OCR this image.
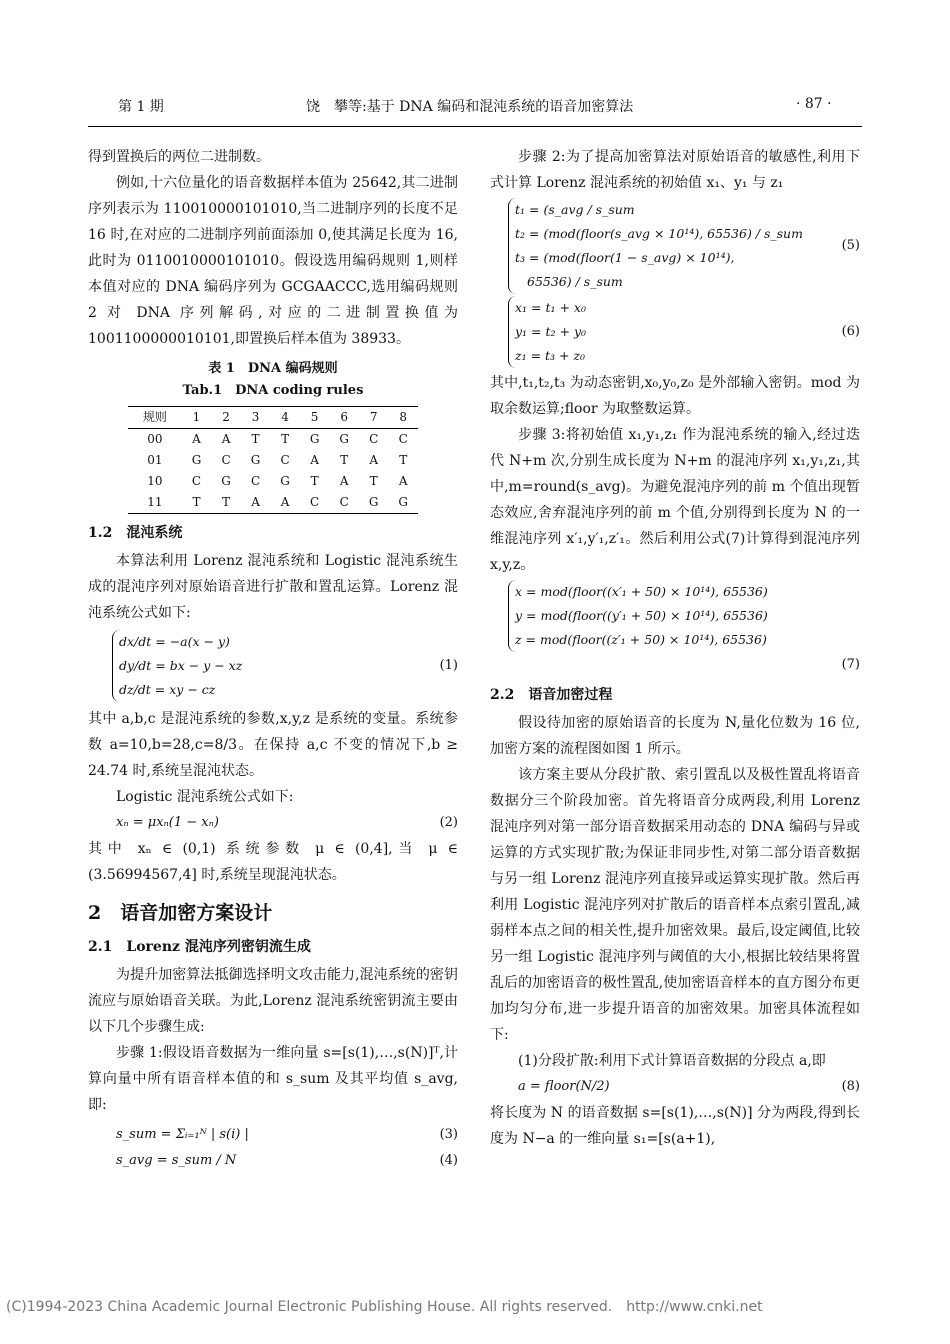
第 1 期	饶　攀等:基于 DNA 编码和混沌系统的语音加密算法	· 87 ·

得到置换后的两位二进制数。

例如,十六位量化的语音数据样本值为 25642,其二进制序列表示为 110010000101010,当二进制序列的长度不足 16 时,在对应的二进制序列前面添加 0,使其满足长度为 16,此时为 0110010000101010。假设选用编码规则 1,则样本值对应的 DNA 编码序列为 GCGAACCC,选用编码规则 2 对 DNA 序列解码,对应的二进制置换值为 1001100000010101,即置换后样本值为 38933。

表 1　DNA 编码规则
Tab.1　DNA coding rules
规则	1	2	3	4	5	6	7	8
00	A	A	T	T	G	G	C	C
01	G	C	G	C	A	T	A	T
10	C	G	C	G	T	A	T	A
11	T	T	A	A	C	C	G	G
1.2　混沌系统

本算法利用 Lorenz 混沌系统和 Logistic 混沌系统生成的混沌序列对原始语音进行扩散和置乱运算。Lorenz 混沌系统公式如下:

dx/dt = −a(x − y)
dy/dt = bx − y − xz
dz/dt = xy − cz
(1)

其中 a,b,c 是混沌系统的参数,x,y,z 是系统的变量。系统参数 a=10,b=28,c=8/3。在保持 a,c 不变的情况下,b ≥ 24.74 时,系统呈混沌状态。

Logistic 混沌系统公式如下:

xₙ = μxₙ(1 − xₙ)	(2)

其中 xₙ ∈ (0,1) 系统参数 μ ∈ (0,4],当 μ ∈ (3.56994567,4] 时,系统呈现混沌状态。

2　语音加密方案设计
2.1　Lorenz 混沌序列密钥流生成

为提升加密算法抵御选择明文攻击能力,混沌系统的密钥流应与原始语音关联。为此,Lorenz 混沌系统密钥流主要由以下几个步骤生成:

步骤 1:假设语音数据为一维向量 s=[s(1),…,s(N)]ᵀ,计算向量中所有语音样本值的和 s_sum 及其平均值 s_avg,即:

s_sum = Σᵢ₌₁ᴺ | s(i) |	(3)
s_avg = s_sum / N	(4)

步骤 2:为了提高加密算法对原始语音的敏感性,利用下式计算 Lorenz 混沌系统的初始值 x₁、y₁ 与 z₁

t₁ = (s_avg / s_sum
t₂ = (mod(floor(s_avg × 10¹⁴), 65536) / s_sum
t₃ = (mod(floor(1 − s_avg) × 10¹⁴),
65536) / s_sum
(5)
x₁ = t₁ + x₀
y₁ = t₂ + y₀
z₁ = t₃ + z₀
(6)

其中,t₁,t₂,t₃ 为动态密钥,x₀,y₀,z₀ 是外部输入密钥。mod 为取余数运算;floor 为取整数运算。

步骤 3:将初始值 x₁,y₁,z₁ 作为混沌系统的输入,经过迭代 N+m 次,分别生成长度为 N+m 的混沌序列 x₁,y₁,z₁,其中,m=round(s_avg)。为避免混沌序列的前 m 个值出现暂态效应,舍弃混沌序列的前 m 个值,分别得到长度为 N 的一维混沌序列 x′₁,y′₁,z′₁。然后利用公式(7)计算得到混沌序列 x,y,z。

x = mod(floor((x′₁ + 50) × 10¹⁴), 65536)
y = mod(floor((y′₁ + 50) × 10¹⁴), 65536)
z = mod(floor((z′₁ + 50) × 10¹⁴), 65536)
(7)
2.2　语音加密过程

假设待加密的原始语音的长度为 N,量化位数为 16 位,加密方案的流程图如图 1 所示。

该方案主要从分段扩散、索引置乱以及极性置乱将语音数据分三个阶段加密。首先将语音分成两段,利用 Lorenz 混沌序列对第一部分语音数据采用动态的 DNA 编码与异或运算的方式实现扩散;为保证非同步性,对第二部分语音数据与另一组 Lorenz 混沌序列直接异或运算实现扩散。然后再利用 Logistic 混沌序列对扩散后的语音样本点索引置乱,减弱样本点之间的相关性,提升加密效果。最后,设定阈值,比较另一组 Logistic 混沌序列与阈值的大小,根据比较结果将置乱后的加密语音的极性置乱,使加密语音样本的直方图分布更加均匀分布,进一步提升语音的加密效果。加密具体流程如下:

(1)分段扩散:利用下式计算语音数据的分段点 a,即

a = floor(N/2)	(8)

将长度为 N 的语音数据 s=[s(1),…,s(N)] 分为两段,得到长度为 N−a 的一维向量 s₁=[s(a+1),

(C)1994-2023 China Academic Journal Electronic Publishing House. All rights reserved.　http://www.cnki.net
